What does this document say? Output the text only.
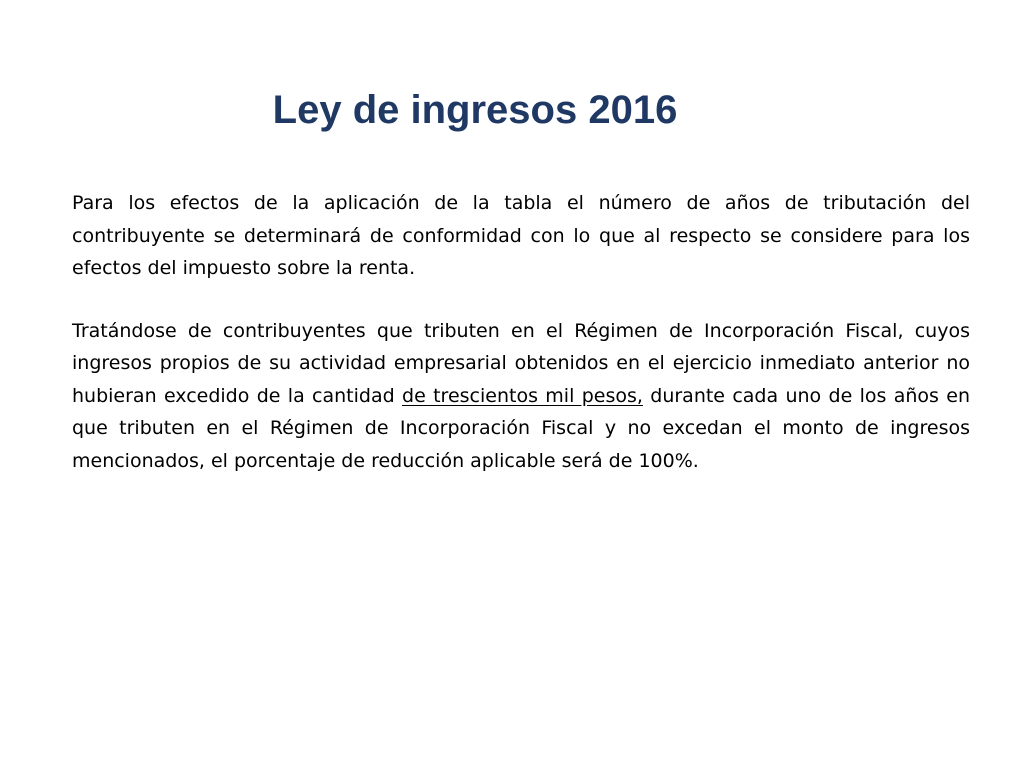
Ley de ingresos 2016

Para los efectos de la aplicación de la tabla el número de años de tributación del contribuyente se determinará de conformidad con lo que al respecto se considere para los efectos del impuesto sobre la renta.

Tratándose de contribuyentes que tributen en el Régimen de Incorporación Fiscal, cuyos ingresos propios de su actividad empresarial obtenidos en el ejercicio inmediato anterior no hubieran excedido de la cantidad de trescientos mil pesos, durante cada uno de los años en que tributen en el Régimen de Incorporación Fiscal y no excedan el monto de ingresos mencionados, el porcentaje de reducción aplicable será de 100%.
